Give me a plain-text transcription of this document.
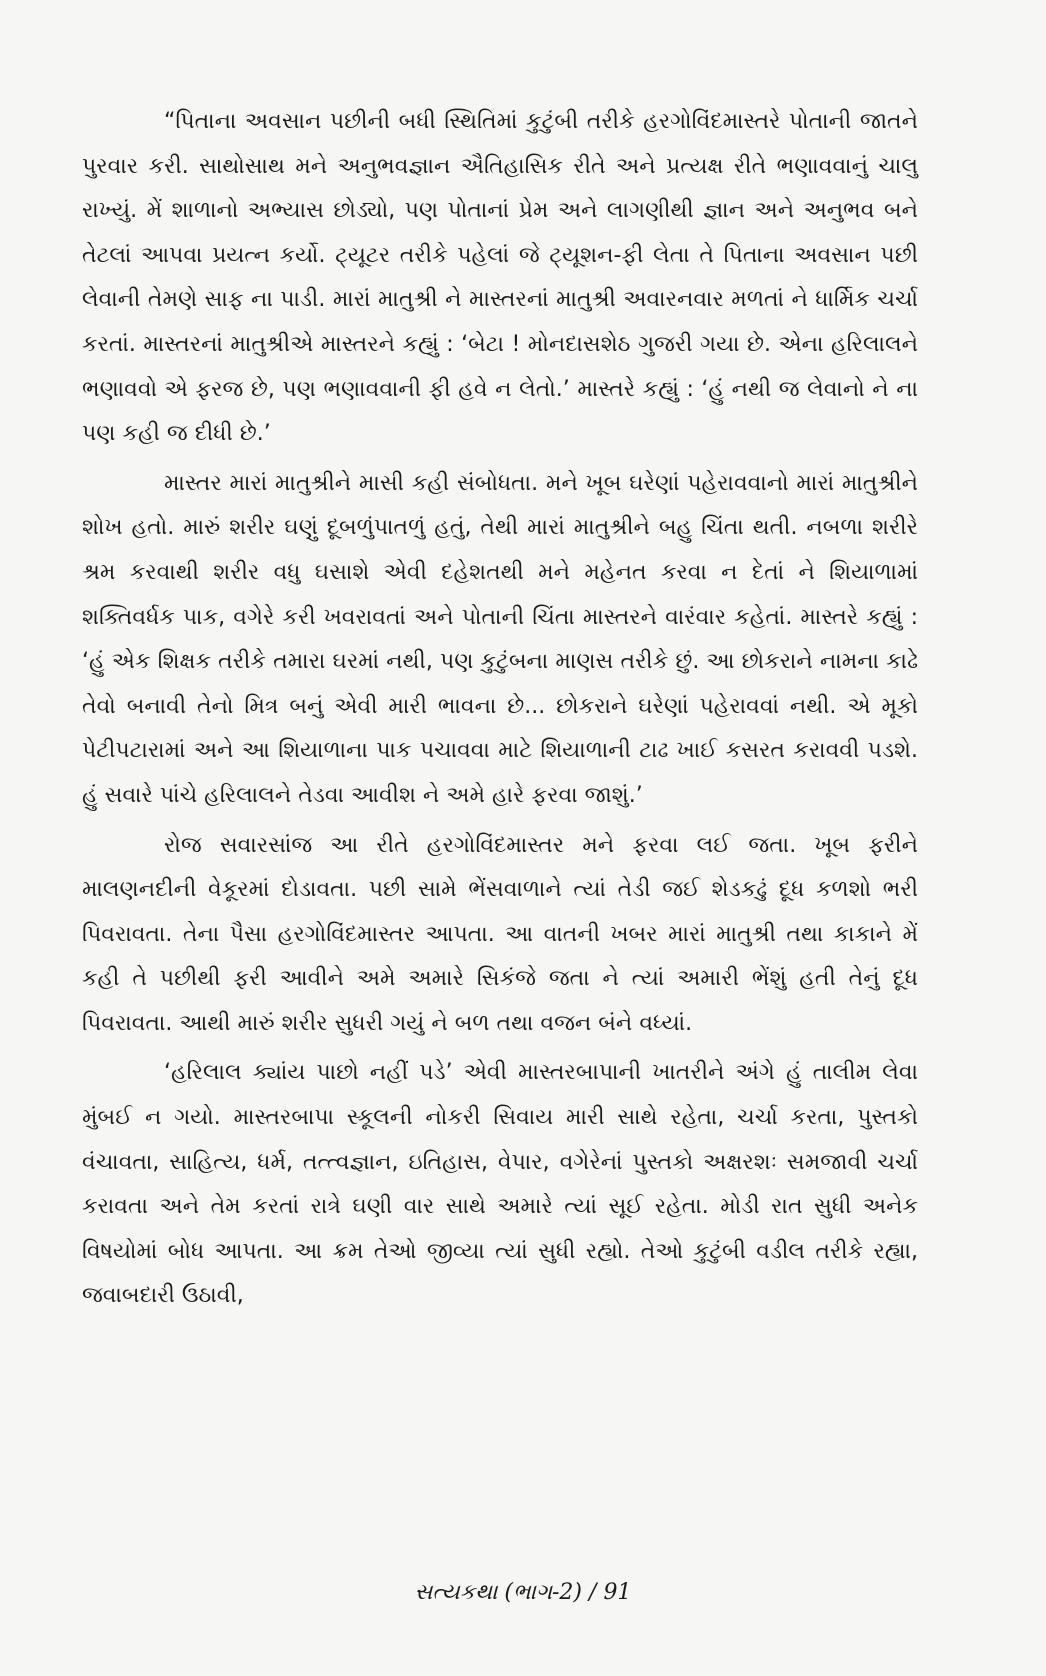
“પિતાના અવસાન પછીની બધી સ્થિતિમાં કુટુંબી તરીકે હરગોવિંદમાસ્તરે પોતાની જાતને પુરવાર કરી. સાથોસાથ મને અનુભવજ્ઞાન ઐતિહાસિક રીતે અને પ્રત્યક્ષ રીતે ભણાવવાનું ચાલુ રાખ્યું. મેં શાળાનો અભ્યાસ છોડ્યો, પણ પોતાનાં પ્રેમ અને લાગણીથી જ્ઞાન અને અનુભવ બને તેટલાં આપવા પ્રયત્ન કર્યો. ટ્યૂટર તરીકે પહેલાં જે ટ્યૂશન-ફી લેતા તે પિતાના અવસાન પછી લેવાની તેમણે સાફ ના પાડી. મારાં માતુશ્રી ને માસ્તરનાં માતુશ્રી અવારનવાર મળતાં ને ધાર્મિક ચર્ચા કરતાં. માસ્તરનાં માતુશ્રીએ માસ્તરને કહ્યું : ‘બેટા ! મોનદાસશેઠ ગુજરી ગયા છે. એના હરિલાલને ભણાવવો એ ફરજ છે, પણ ભણાવવાની ફી હવે ન લેતો.’ માસ્તરે કહ્યું : ‘હું નથી જ લેવાનો ને ના પણ કહી જ દીધી છે.’

માસ્તર મારાં માતુશ્રીને માસી કહી સંબોધતા. મને ખૂબ ઘરેણાં પહેરાવવાનો મારાં માતુશ્રીને શોખ હતો. મારું શરીર ઘણું દૂબળુંપાતળું હતું, તેથી મારાં માતુશ્રીને બહુ ચિંતા થતી. નબળા શરીરે શ્રમ કરવાથી શરીર વધુ ઘસાશે એવી દહેશતથી મને મહેનત કરવા ન દેતાં ને શિયાળામાં શક્તિવર્ધક પાક, વગેરે કરી ખવરાવતાં અને પોતાની ચિંતા માસ્તરને વારંવાર કહેતાં. માસ્તરે કહ્યું : ‘હું એક શિક્ષક તરીકે તમારા ઘરમાં નથી, પણ કુટુંબના માણસ તરીકે છું. આ છોકરાને નામના કાઢે તેવો બનાવી તેનો મિત્ર બનું એવી મારી ભાવના છે... છોકરાને ઘરેણાં પહેરાવવાં નથી. એ મૂકો પેટીપટારામાં અને આ શિયાળાના પાક પચાવવા માટે શિયાળાની ટાઢ ખાઈ કસરત કરાવવી પડશે. હું સવારે પાંચે હરિલાલને તેડવા આવીશ ને અમે હારે ફરવા જાશું.’

રોજ સવારસાંજ આ રીતે હરગોવિંદમાસ્તર મને ફરવા લઈ જતા. ખૂબ ફરીને માલણનદીની વેકૂરમાં દોડાવતા. પછી સામે ભેંસવાળાને ત્યાં તેડી જઈ શેડકઢું દૂધ કળશો ભરી પિવરાવતા. તેના પૈસા હરગોવિંદમાસ્તર આપતા. આ વાતની ખબર મારાં માતુશ્રી તથા કાકાને મેં કહી તે પછીથી ફરી આવીને અમે અમારે સિકંજે જતા ને ત્યાં અમારી ભેંશું હતી તેનું દૂધ પિવરાવતા. આથી મારું શરીર સુધરી ગયું ને બળ તથા વજન બંને વધ્યાં.

‘હરિલાલ ક્યાંય પાછો નહીં પડે’ એવી માસ્તરબાપાની ખાતરીને અંગે હું તાલીમ લેવા મુંબઈ ન ગયો. માસ્તરબાપા સ્કૂલની નોકરી સિવાય મારી સાથે રહેતા, ચર્ચા કરતા, પુસ્તકો વંચાવતા, સાહિત્ય, ધર્મ, તત્ત્વજ્ઞાન, ઇતિહાસ, વેપાર, વગેરેનાં પુસ્તકો અક્ષરશઃ સમજાવી ચર્ચા કરાવતા અને તેમ કરતાં રાત્રે ઘણી વાર સાથે અમારે ત્યાં સૂઈ રહેતા. મોડી રાત સુધી અનેક વિષયોમાં બોધ આપતા. આ ક્રમ તેઓ જીવ્યા ત્યાં સુધી રહ્યો. તેઓ કુટુંબી વડીલ તરીકે રહ્યા, જવાબદારી ઉઠાવી,

સત્યકથા (ભાગ-2) / 91
